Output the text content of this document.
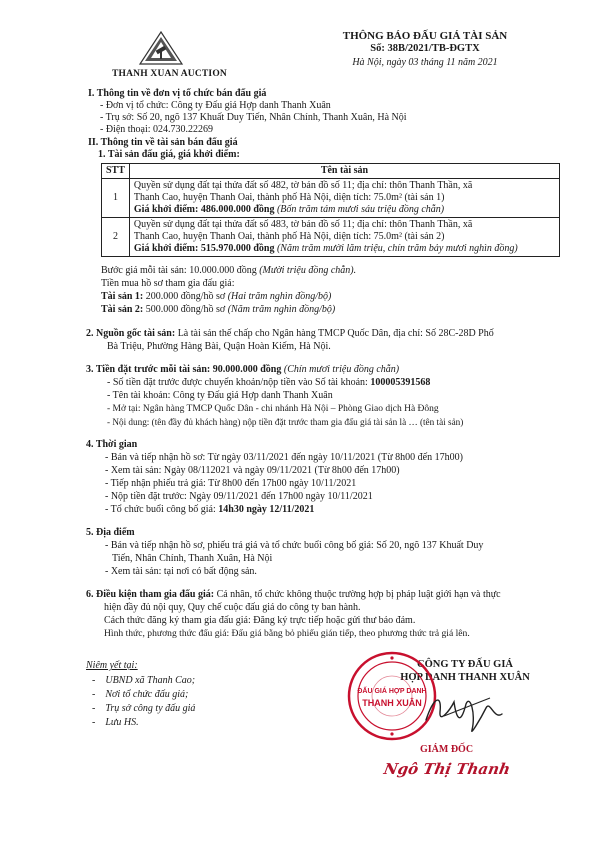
THANH XUAN AUCTION
THÔNG BÁO ĐẤU GIÁ TÀI SẢN
Số: 38B/2021/TB-ĐGTX
Hà Nội, ngày 03 tháng 11 năm 2021
I. Thông tin về đơn vị tổ chức bán đấu giá
- Đơn vị tổ chức: Công ty Đấu giá Hợp danh Thanh Xuân
- Trụ sở: Số 20, ngõ 137 Khuất Duy Tiến, Nhân Chính, Thanh Xuân, Hà Nội
- Điện thoại: 024.730.22269
II. Thông tin về tài sản bán đấu giá
1. Tài sản đấu giá, giá khởi điểm:
STT	Tên tài sản
1	Quyền sử dụng đất tại thửa đất số 482, tờ bản đồ số 11; địa chỉ: thôn Thanh Thần, xã
Thanh Cao, huyện Thanh Oai, thành phố Hà Nội, diện tích: 75.0m² (tài sản 1)
Giá khởi điểm: 486.000.000 đồng (Bốn trăm tám mươi sáu triệu đồng chẵn)

2	Quyền sử dụng đất tại thửa đất số 483, tờ bản đồ số 11; địa chỉ: thôn Thanh Thần, xã
Thanh Cao, huyện Thanh Oai, thành phố Hà Nội, diện tích: 75.0m² (tài sản 2)
Giá khởi điểm: 515.970.000 đồng (Năm trăm mười lăm triệu, chín trăm bảy mươi nghìn đồng)
Bước giá mỗi tài sản: 10.000.000 đồng (Mười triệu đồng chẵn).
Tiền mua hồ sơ tham gia đấu giá:
Tài sản 1: 200.000 đồng/hồ sơ (Hai trăm nghìn đồng/bộ)
Tài sản 2: 500.000 đồng/hồ sơ (Năm trăm nghìn đồng/bộ)
2. Nguồn gốc tài sản: Là tài sản thế chấp cho Ngân hàng TMCP Quốc Dân, địa chỉ: Số 28C-28D Phố
Bà Triệu, Phường Hàng Bài, Quận Hoàn Kiếm, Hà Nội.
3. Tiền đặt trước mỗi tài sản: 90.000.000 đồng (Chín mươi triệu đồng chẵn)
- Số tiền đặt trước được chuyển khoản/nộp tiền vào Số tài khoản: 100005391568
- Tên tài khoản: Công ty Đấu giá Hợp danh Thanh Xuân
- Mở tại: Ngân hàng TMCP Quốc Dân - chi nhánh Hà Nội – Phòng Giao dịch Hà Đông
- Nội dung: (tên đầy đủ khách hàng) nộp tiền đặt trước tham gia đấu giá tài sản là … (tên tài sản)
4. Thời gian
- Bán và tiếp nhận hồ sơ: Từ ngày 03/11/2021 đến ngày 10/11/2021 (Từ 8h00 đến 17h00)
- Xem tài sản: Ngày 08/112021 và ngày 09/11/2021 (Từ 8h00 đến 17h00)
- Tiếp nhận phiếu trả giá: Từ 8h00 đến 17h00 ngày 10/11/2021
- Nộp tiền đặt trước: Ngày 09/11/2021 đến 17h00 ngày 10/11/2021
- Tổ chức buổi công bố giá: 14h30 ngày 12/11/2021
5. Địa điểm
- Bán và tiếp nhận hồ sơ, phiếu trả giá và tổ chức buổi công bố giá: Số 20, ngõ 137 Khuất Duy
Tiến, Nhân Chính, Thanh Xuân, Hà Nội
- Xem tài sản: tại nơi có bất động sản.
6. Điều kiện tham gia đấu giá: Cá nhân, tổ chức không thuộc trường hợp bị pháp luật giới hạn và thực
hiện đầy đủ nội quy, Quy chế cuộc đấu giá do công ty ban hành.
Cách thức đăng ký tham gia đấu giá: Đăng ký trực tiếp hoặc gửi thư bảo đảm.
Hình thức, phương thức đấu giá: Đấu giá bằng bỏ phiếu gián tiếp, theo phương thức trả giá lên.
Niêm yết tại:
-    UBND xã Thanh Cao;
-    Nơi tổ chức đấu giá;
-    Trụ sở công ty đấu giá
-    Lưu HS.
CÔNG TY ĐẤU GIÁ
HỢP DANH THANH XUÂN
ĐẤU GIÁ HỢP DANH
THANH XUÂN
GIÁM ĐỐC
Ngô Thị Thanh
